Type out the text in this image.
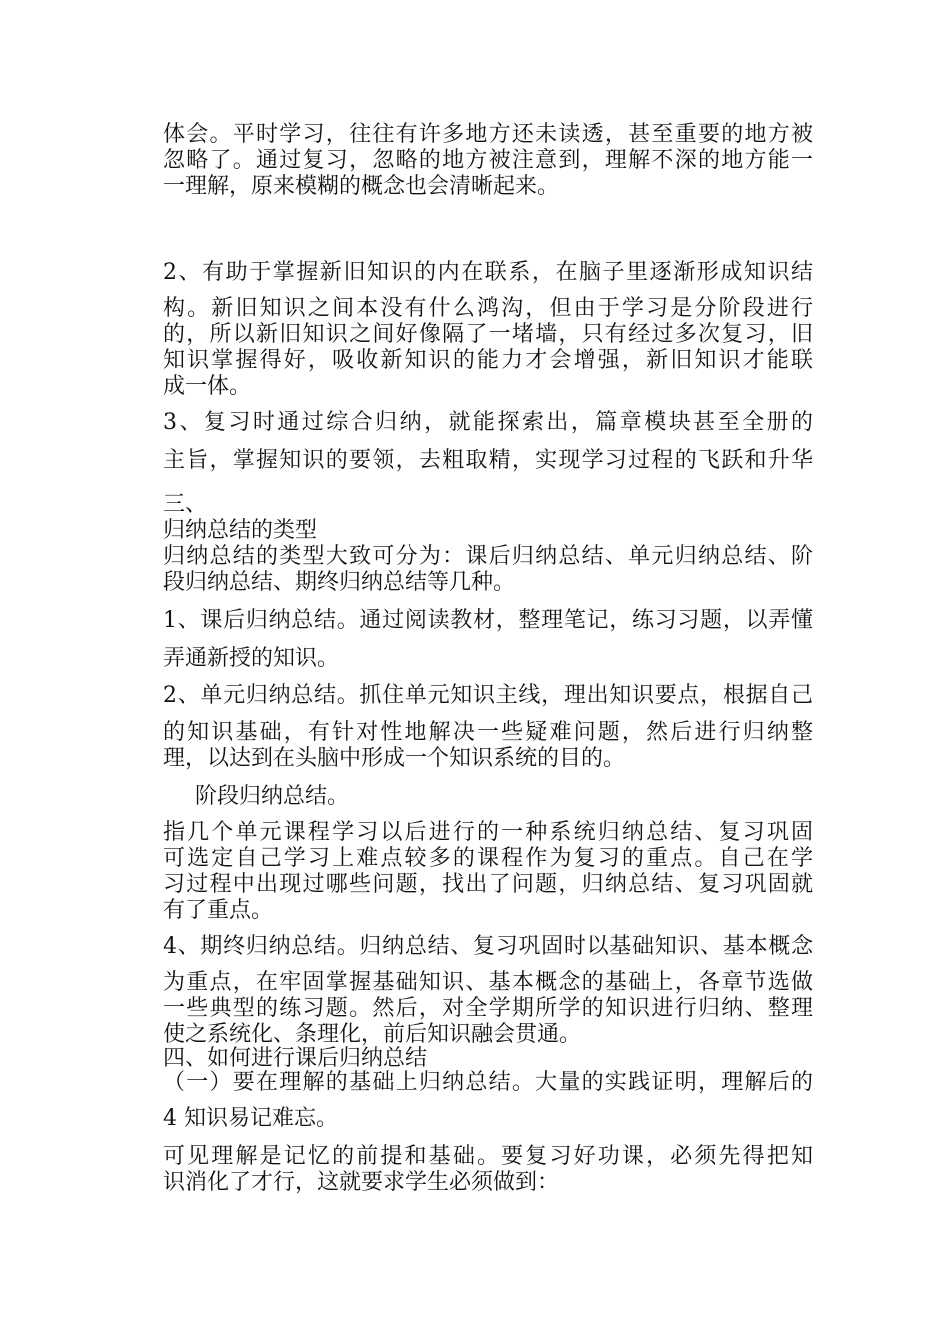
体会。平时学习，往往有许多地方还未读透，甚至重要的地方被
忽略了。通过复习，忽略的地方被注意到，理解不深的地方能一
一理解，原来模糊的概念也会清晰起来。
2、有助于掌握新旧知识的内在联系，在脑子里逐渐形成知识结
构。新旧知识之间本没有什么鸿沟，但由于学习是分阶段进行
的，所以新旧知识之间好像隔了一堵墙，只有经过多次复习，旧
知识掌握得好，吸收新知识的能力才会增强，新旧知识才能联
成一体。
3、复习时通过综合归纳，就能探索出，篇章模块甚至全册的
主旨，掌握知识的要领，去粗取精，实现学习过程的飞跃和升华
三、
归纳总结的类型
归纳总结的类型大致可分为：课后归纳总结、单元归纳总结、阶
段归纳总结、期终归纳总结等几种。
1、课后归纳总结。通过阅读教材，整理笔记，练习习题，以弄懂
弄通新授的知识。
2、单元归纳总结。抓住单元知识主线，理出知识要点，根据自己
的知识基础，有针对性地解决一些疑难问题，然后进行归纳整
理，以达到在头脑中形成一个知识系统的目的。
阶段归纳总结。
指几个单元课程学习以后进行的一种系统归纳总结、复习巩固
可选定自己学习上难点较多的课程作为复习的重点。自己在学
习过程中出现过哪些问题，找出了问题，归纳总结、复习巩固就
有了重点。
4、期终归纳总结。归纳总结、复习巩固时以基础知识、基本概念
为重点，在牢固掌握基础知识、基本概念的基础上，各章节选做
一些典型的练习题。然后，对全学期所学的知识进行归纳、整理
使之系统化、条理化，前后知识融会贯通。
四、如何进行课后归纳总结
（一）要在理解的基础上归纳总结。大量的实践证明，理解后的
4 知识易记难忘。
可见理解是记忆的前提和基础。要复习好功课，必须先得把知
识消化了才行，这就要求学生必须做到：
